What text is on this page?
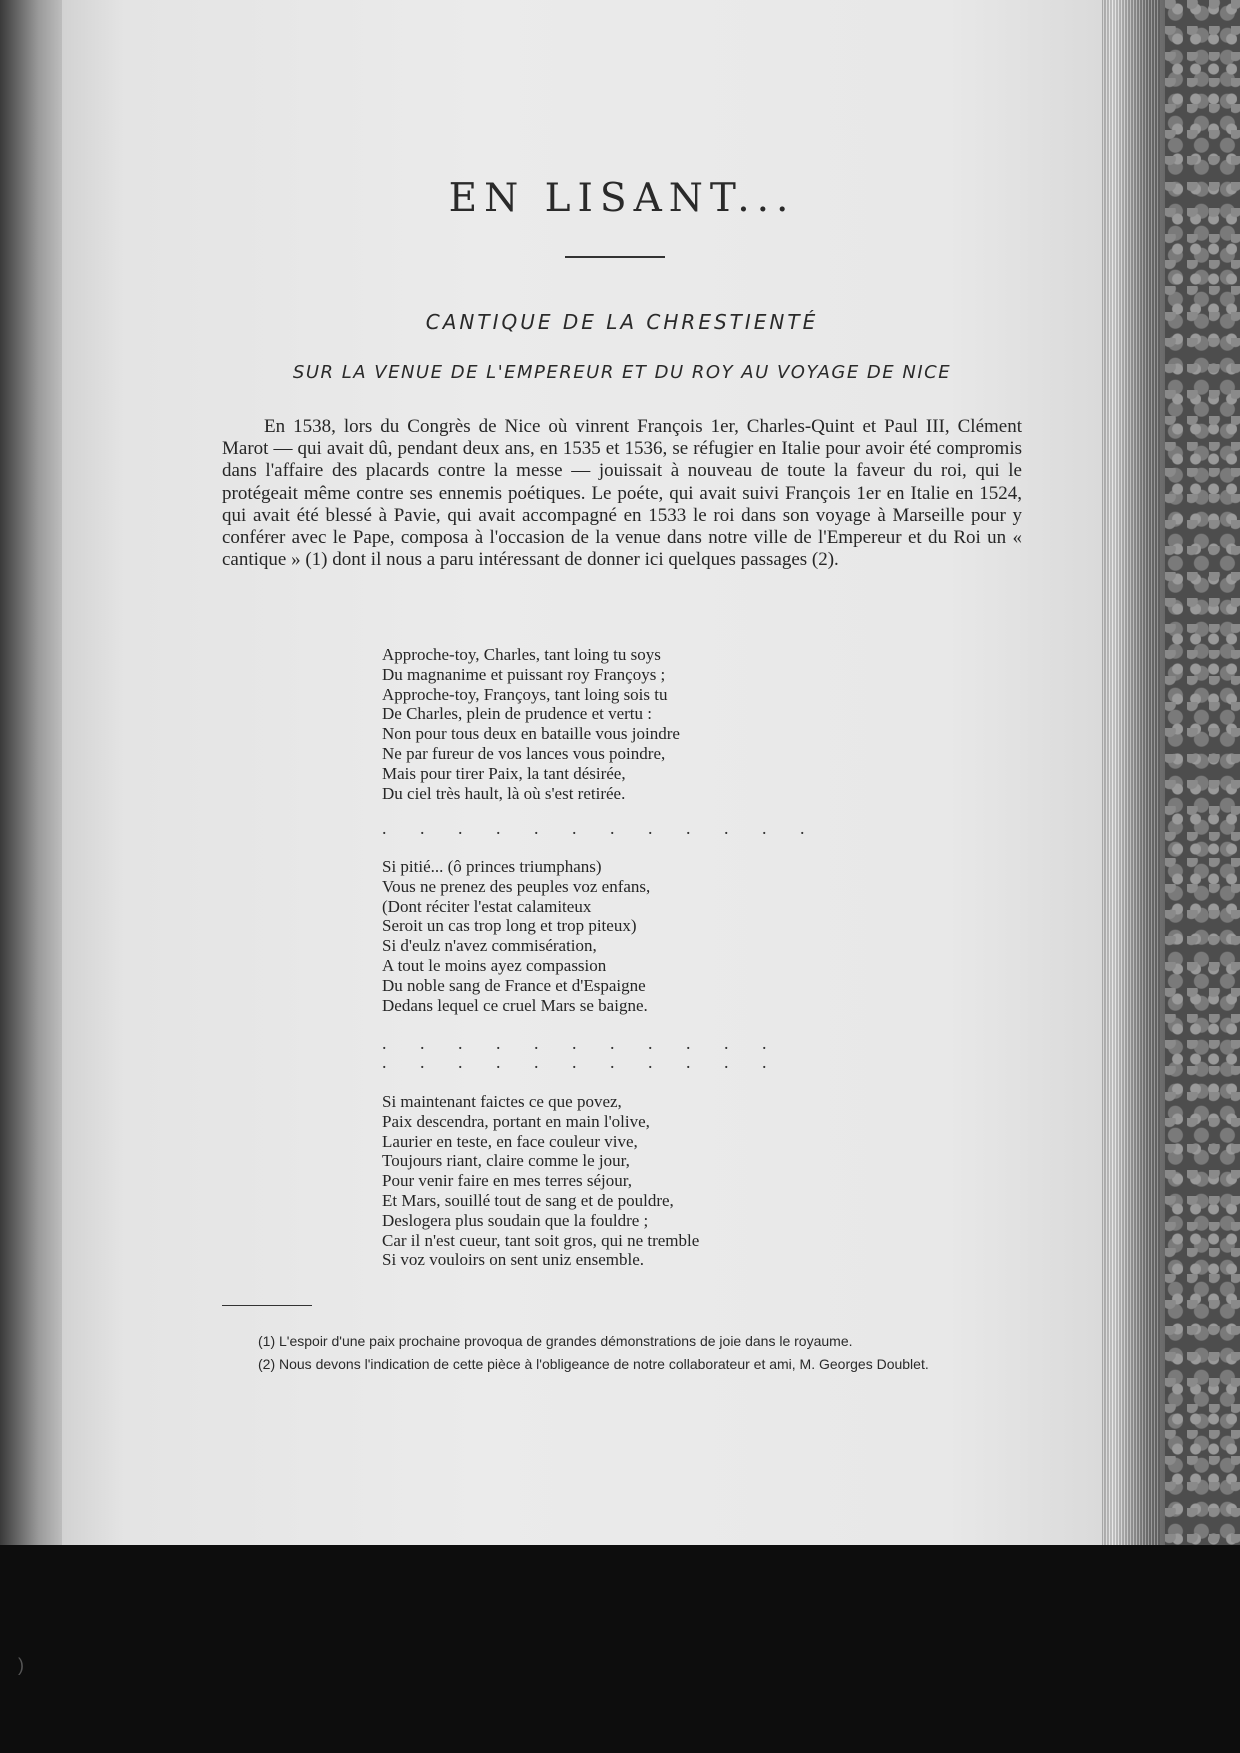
EN LISANT...
CANTIQUE DE LA CHRESTIENTÉ
SUR LA VENUE DE L'EMPEREUR ET DU ROY AU VOYAGE DE NICE

En 1538, lors du Congrès de Nice où vinrent François 1er, Charles-Quint et Paul III, Clément Marot — qui avait dû, pendant deux ans, en 1535 et 1536, se réfugier en Italie pour avoir été compromis dans l'affaire des placards contre la messe — jouissait à nouveau de toute la faveur du roi, qui le protégeait même contre ses ennemis poétiques. Le poéte, qui avait suivi François 1er en Italie en 1524, qui avait été blessé à Pavie, qui avait accompagné en 1533 le roi dans son voyage à Marseille pour y conférer avec le Pape, composa à l'occasion de la venue dans notre ville de l'Empereur et du Roi un « cantique » (1) dont il nous a paru intéressant de donner ici quelques passages (2).

Approche-toy, Charles, tant loing tu soys
Du magnanime et puissant roy Françoys ;
Approche-toy, Françoys, tant loing sois tu
De Charles, plein de prudence et vertu :
Non pour tous deux en bataille vous joindre
Ne par fureur de vos lances vous poindre,
Mais pour tirer Paix, la tant désirée,
Du ciel très hault, là où s'est retirée.
. . . . . . . . . . . .
Si pitié... (ô princes triumphans)
Vous ne prenez des peuples voz enfans,
(Dont réciter l'estat calamiteux
Seroit un cas trop long et trop piteux)
Si d'eulz n'avez commisération,
A tout le moins ayez compassion
Du noble sang de France et d'Espaigne
Dedans lequel ce cruel Mars se baigne.
. . . . . . . . . . .
. . . . . . . . . . .
Si maintenant faictes ce que povez,
Paix descendra, portant en main l'olive,
Laurier en teste, en face couleur vive,
Toujours riant, claire comme le jour,
Pour venir faire en mes terres séjour,
Et Mars, souillé tout de sang et de pouldre,
Deslogera plus soudain que la fouldre ;
Car il n'est cueur, tant soit gros, qui ne tremble
Si voz vouloirs on sent uniz ensemble.

(1) L'espoir d'une paix prochaine provoqua de grandes démonstrations de joie dans le royaume.

(2) Nous devons l'indication de cette pièce à l'obligeance de notre collaborateur et ami, M. Georges Doublet.

)
